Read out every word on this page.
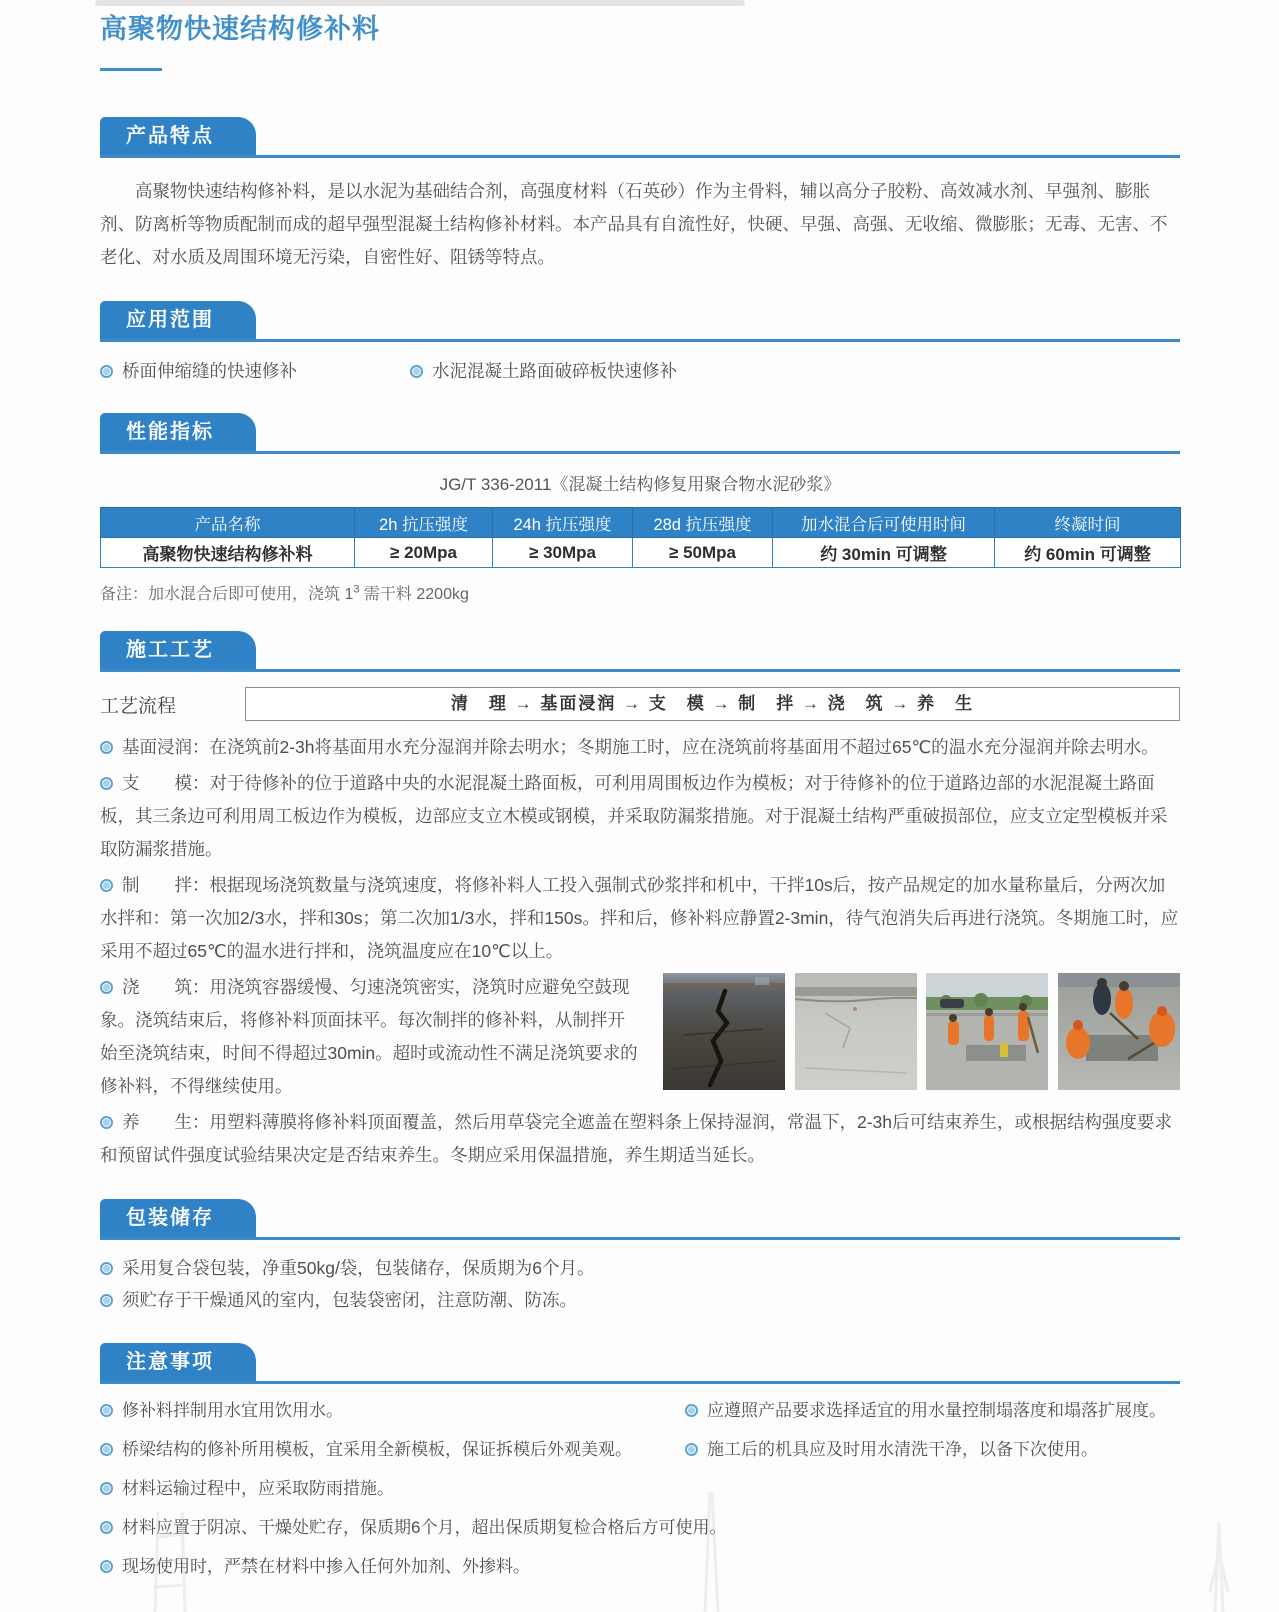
高聚物快速结构修补料
产品特点

高聚物快速结构修补料，是以水泥为基础结合剂，高强度材料（石英砂）作为主骨料，辅以高分子胶粉、高效减水剂、早强剂、膨胀剂、防离析等物质配制而成的超早强型混凝土结构修补材料。本产品具有自流性好，快硬、早强、高强、无收缩、微膨胀；无毒、无害、不老化、对水质及周围环境无污染，自密性好、阻锈等特点。

应用范围

桥面伸缩缝的快速修补	水泥混凝土路面破碎板快速修补

性能指标

JG/T 336-2011《混凝土结构修复用聚合物水泥砂浆》

产品名称	2h 抗压强度	24h 抗压强度	28d 抗压强度	加水混合后可使用时间	终凝时间
高聚物快速结构修补料	≥ 20Mpa	≥ 30Mpa	≥ 50Mpa	约 30min 可调整	约 60min 可调整

备注：加水混合后即可使用，浇筑 $1^3$ 需干料 2200kg

施工工艺
工艺流程	清　理 → 基面浸润 → 支　模 → 制　拌 → 浇　筑 → 养　生

基面浸润：在浇筑前2-3h将基面用水充分湿润并除去明水；冬期施工时，应在浇筑前将基面用不超过65℃的温水充分湿润并除去明水。

支　　模：对于待修补的位于道路中央的水泥混凝土路面板，可利用周围板边作为模板；对于待修补的位于道路边部的水泥混凝土路面板，其三条边可利用周工板边作为模板，边部应支立木模或钢模，并采取防漏浆措施。对于混凝土结构严重破损部位，应支立定型模板并采取防漏浆措施。

制　　拌：根据现场浇筑数量与浇筑速度，将修补料人工投入强制式砂浆拌和机中，干拌10s后，按产品规定的加水量称量后，分两次加水拌和：第一次加2/3水，拌和30s；第二次加1/3水，拌和150s。拌和后，修补料应静置2-3min，待气泡消失后再进行浇筑。冬期施工时，应采用不超过65℃的温水进行拌和，浇筑温度应在10℃以上。

浇　　筑：用浇筑容器缓慢、匀速浇筑密实，浇筑时应避免空鼓现象。浇筑结束后，将修补料顶面抹平。每次制拌的修补料，从制拌开始至浇筑结束，时间不得超过30min。超时或流动性不满足浇筑要求的修补料，不得继续使用。

养　　生：用塑料薄膜将修补料顶面覆盖，然后用草袋完全遮盖在塑料条上保持湿润，常温下，2-3h后可结束养生，或根据结构强度要求和预留试件强度试验结果决定是否结束养生。冬期应采用保温措施，养生期适当延长。

包装储存

采用复合袋包装，净重50kg/袋，包装储存，保质期为6个月。

须贮存于干燥通风的室内，包装袋密闭，注意防潮、防冻。

注意事项

修补料拌制用水宜用饮用水。	应遵照产品要求选择适宜的用水量控制塌落度和塌落扩展度。

桥梁结构的修补所用模板，宜采用全新模板，保证拆模后外观美观。	施工后的机具应及时用水清洗干净，以备下次使用。

材料运输过程中，应采取防雨措施。

材料应置于阴凉、干燥处贮存，保质期6个月，超出保质期复检合格后方可使用。

现场使用时，严禁在材料中掺入任何外加剂、外掺料。
